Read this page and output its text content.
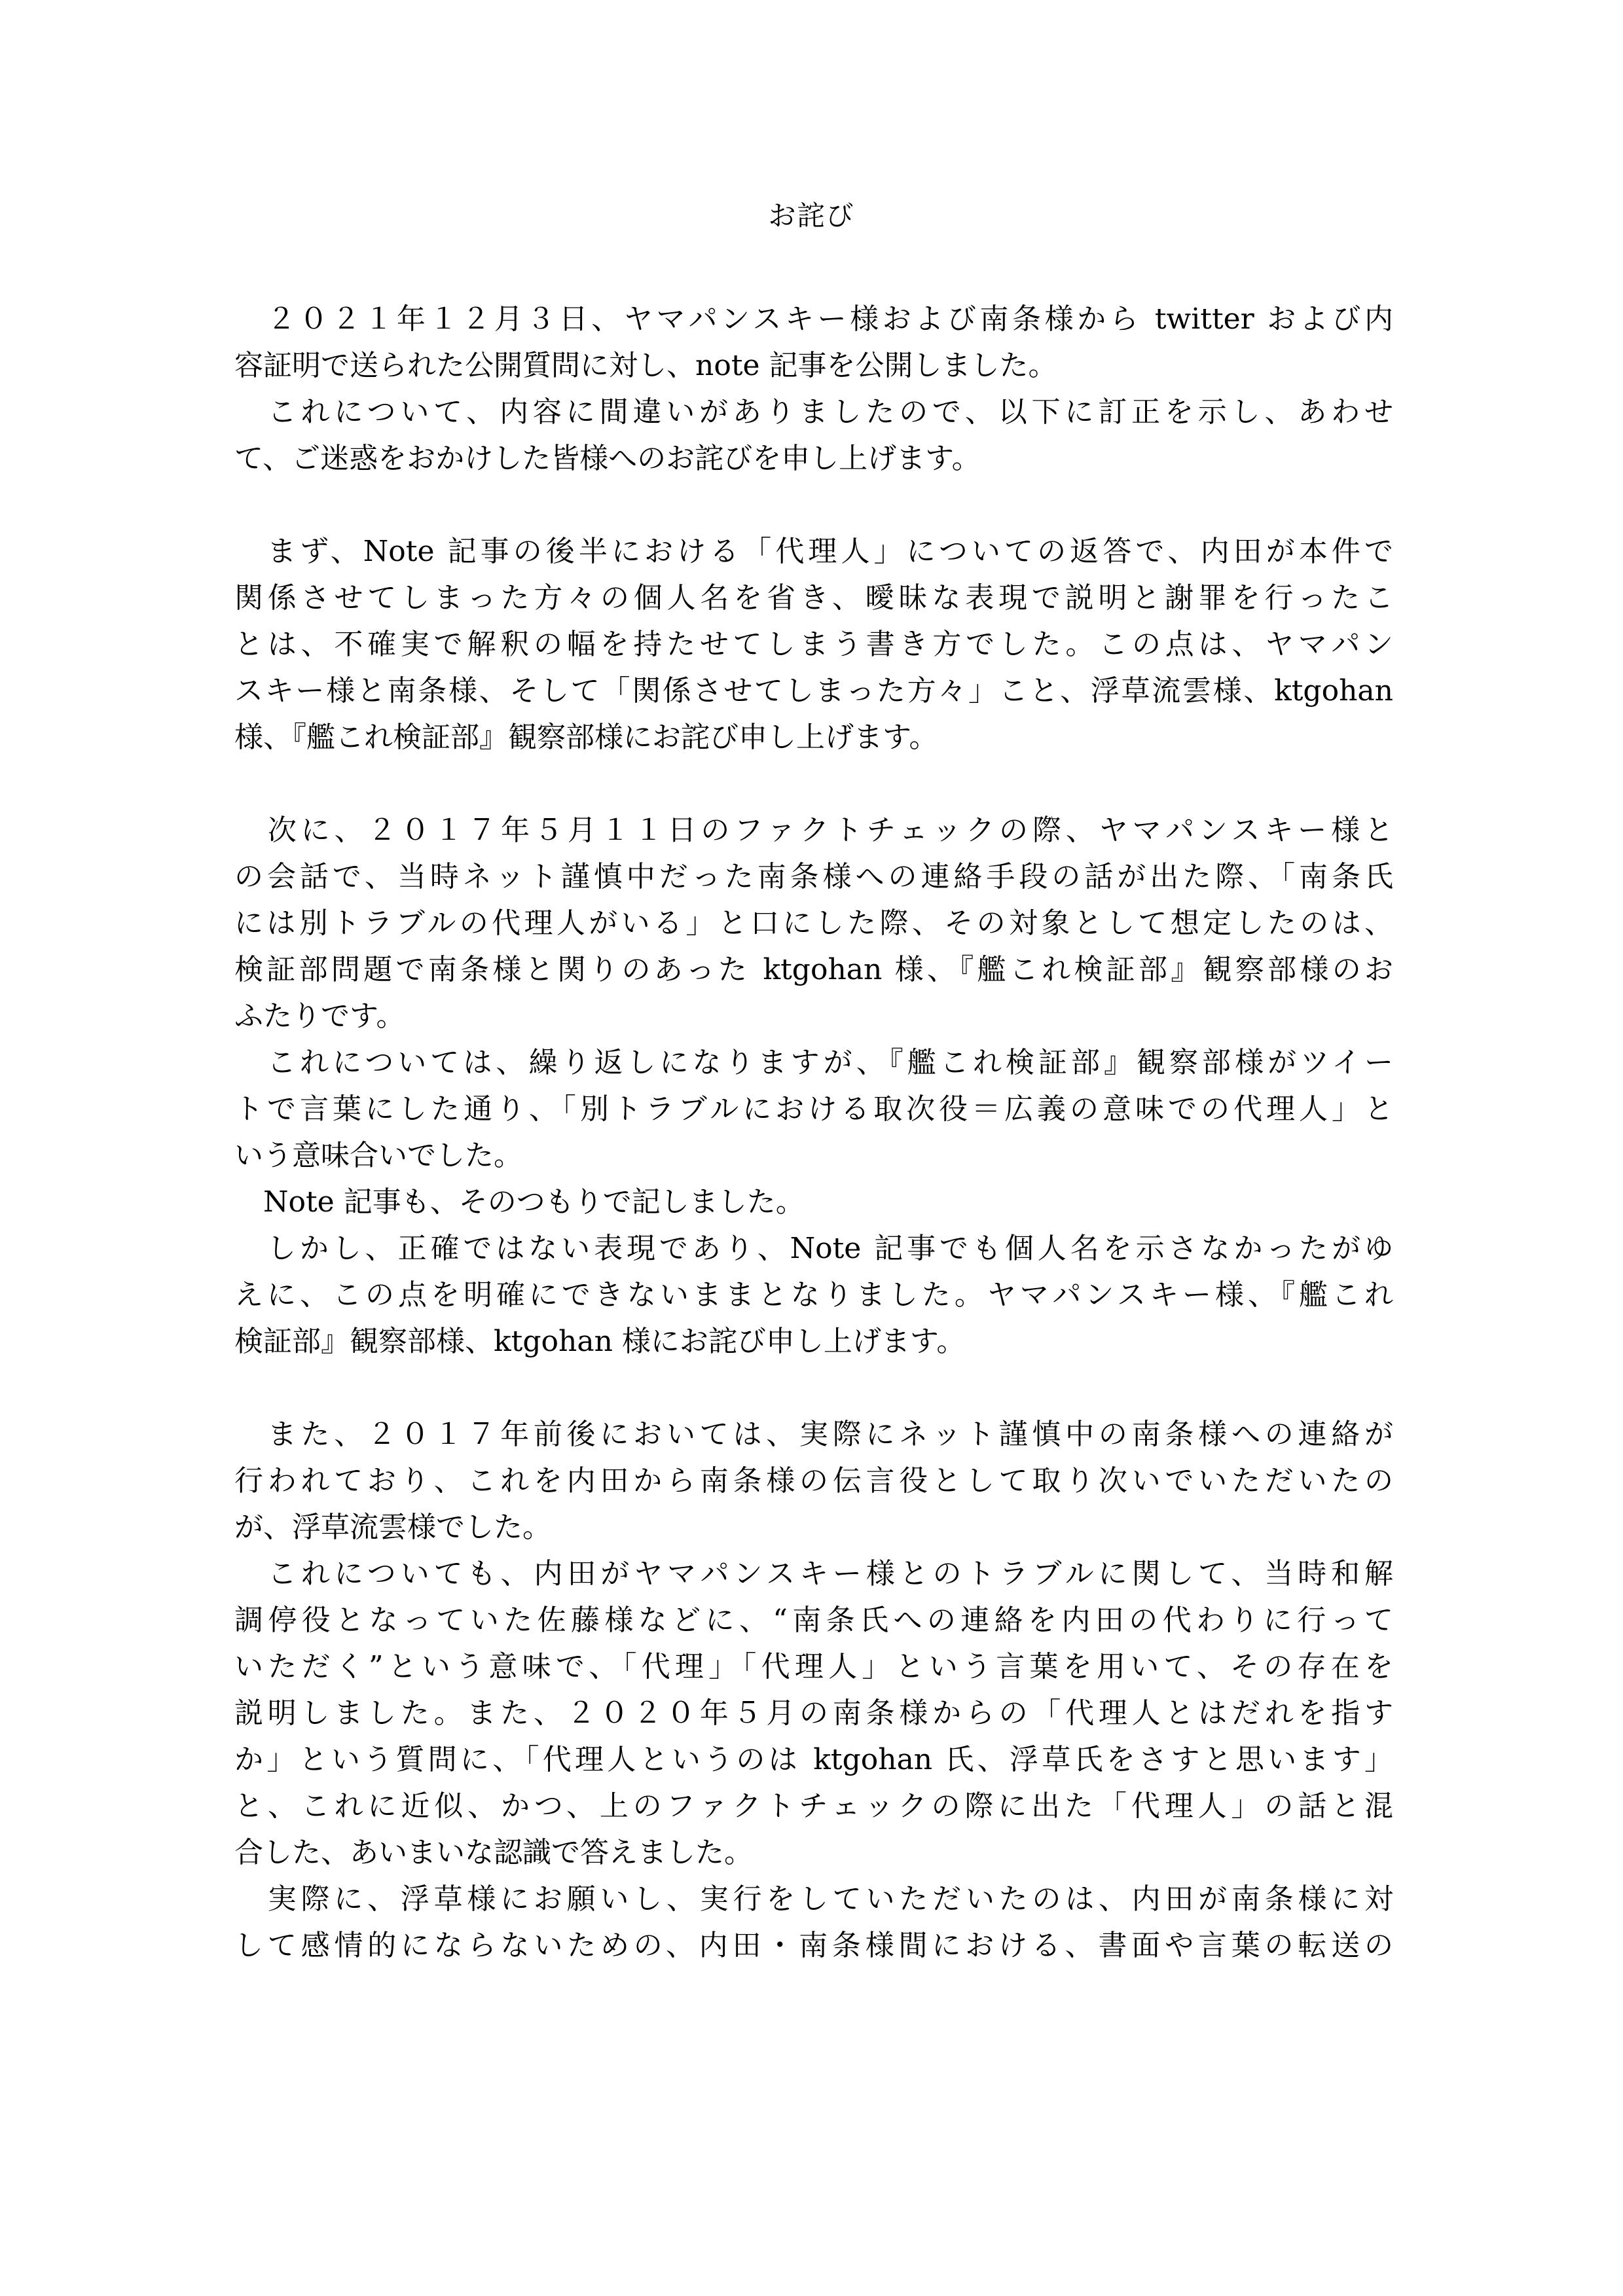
お詫び
　２０２１年１２月３日、ヤマパンスキー様および南条様から twitter および内
容証明で送られた公開質問に対し、note 記事を公開しました。
　これについて、内容に間違いがありましたので、以下に訂正を示し、あわせ
て、ご迷惑をおかけした皆様へのお詫びを申し上げます。
　まず、Note 記事の後半における「代理人」についての返答で、内田が本件で
関係させてしまった方々の個人名を省き、曖昧な表現で説明と謝罪を行ったこ
とは、不確実で解釈の幅を持たせてしまう書き方でした。この点は、ヤマパン
スキー様と南条様、そして「関係させてしまった方々」こと、浮草流雲様、ktgohan
様、『艦これ検証部』観察部様にお詫び申し上げます。
　次に、２０１７年５月１１日のファクトチェックの際、ヤマパンスキー様と
の会話で、当時ネット謹慎中だった南条様への連絡手段の話が出た際、「南条氏
には別トラブルの代理人がいる」と口にした際、その対象として想定したのは、
検証部問題で南条様と関りのあった ktgohan 様、『艦これ検証部』観察部様のお
ふたりです。
　これについては、繰り返しになりますが、『艦これ検証部』観察部様がツイー
トで言葉にした通り、「別トラブルにおける取次役＝広義の意味での代理人」と
いう意味合いでした。
　Note 記事も、そのつもりで記しました。
　しかし、正確ではない表現であり、Note 記事でも個人名を示さなかったがゆ
えに、この点を明確にできないままとなりました。ヤマパンスキー様、『艦これ
検証部』観察部様、ktgohan 様にお詫び申し上げます。
　また、２０１７年前後においては、実際にネット謹慎中の南条様への連絡が
行われており、これを内田から南条様の伝言役として取り次いでいただいたの
が、浮草流雲様でした。
　これについても、内田がヤマパンスキー様とのトラブルに関して、当時和解
調停役となっていた佐藤様などに、“南条氏への連絡を内田の代わりに行って
いただく”という意味で、「代理」「代理人」という言葉を用いて、その存在を
説明しました。また、２０２０年５月の南条様からの「代理人とはだれを指す
か」という質問に、「代理人というのは ktgohan 氏、浮草氏をさすと思います」
と、これに近似、かつ、上のファクトチェックの際に出た「代理人」の話と混
合した、あいまいな認識で答えました。
　実際に、浮草様にお願いし、実行をしていただいたのは、内田が南条様に対
して感情的にならないための、内田・南条様間における、書面や言葉の転送の
